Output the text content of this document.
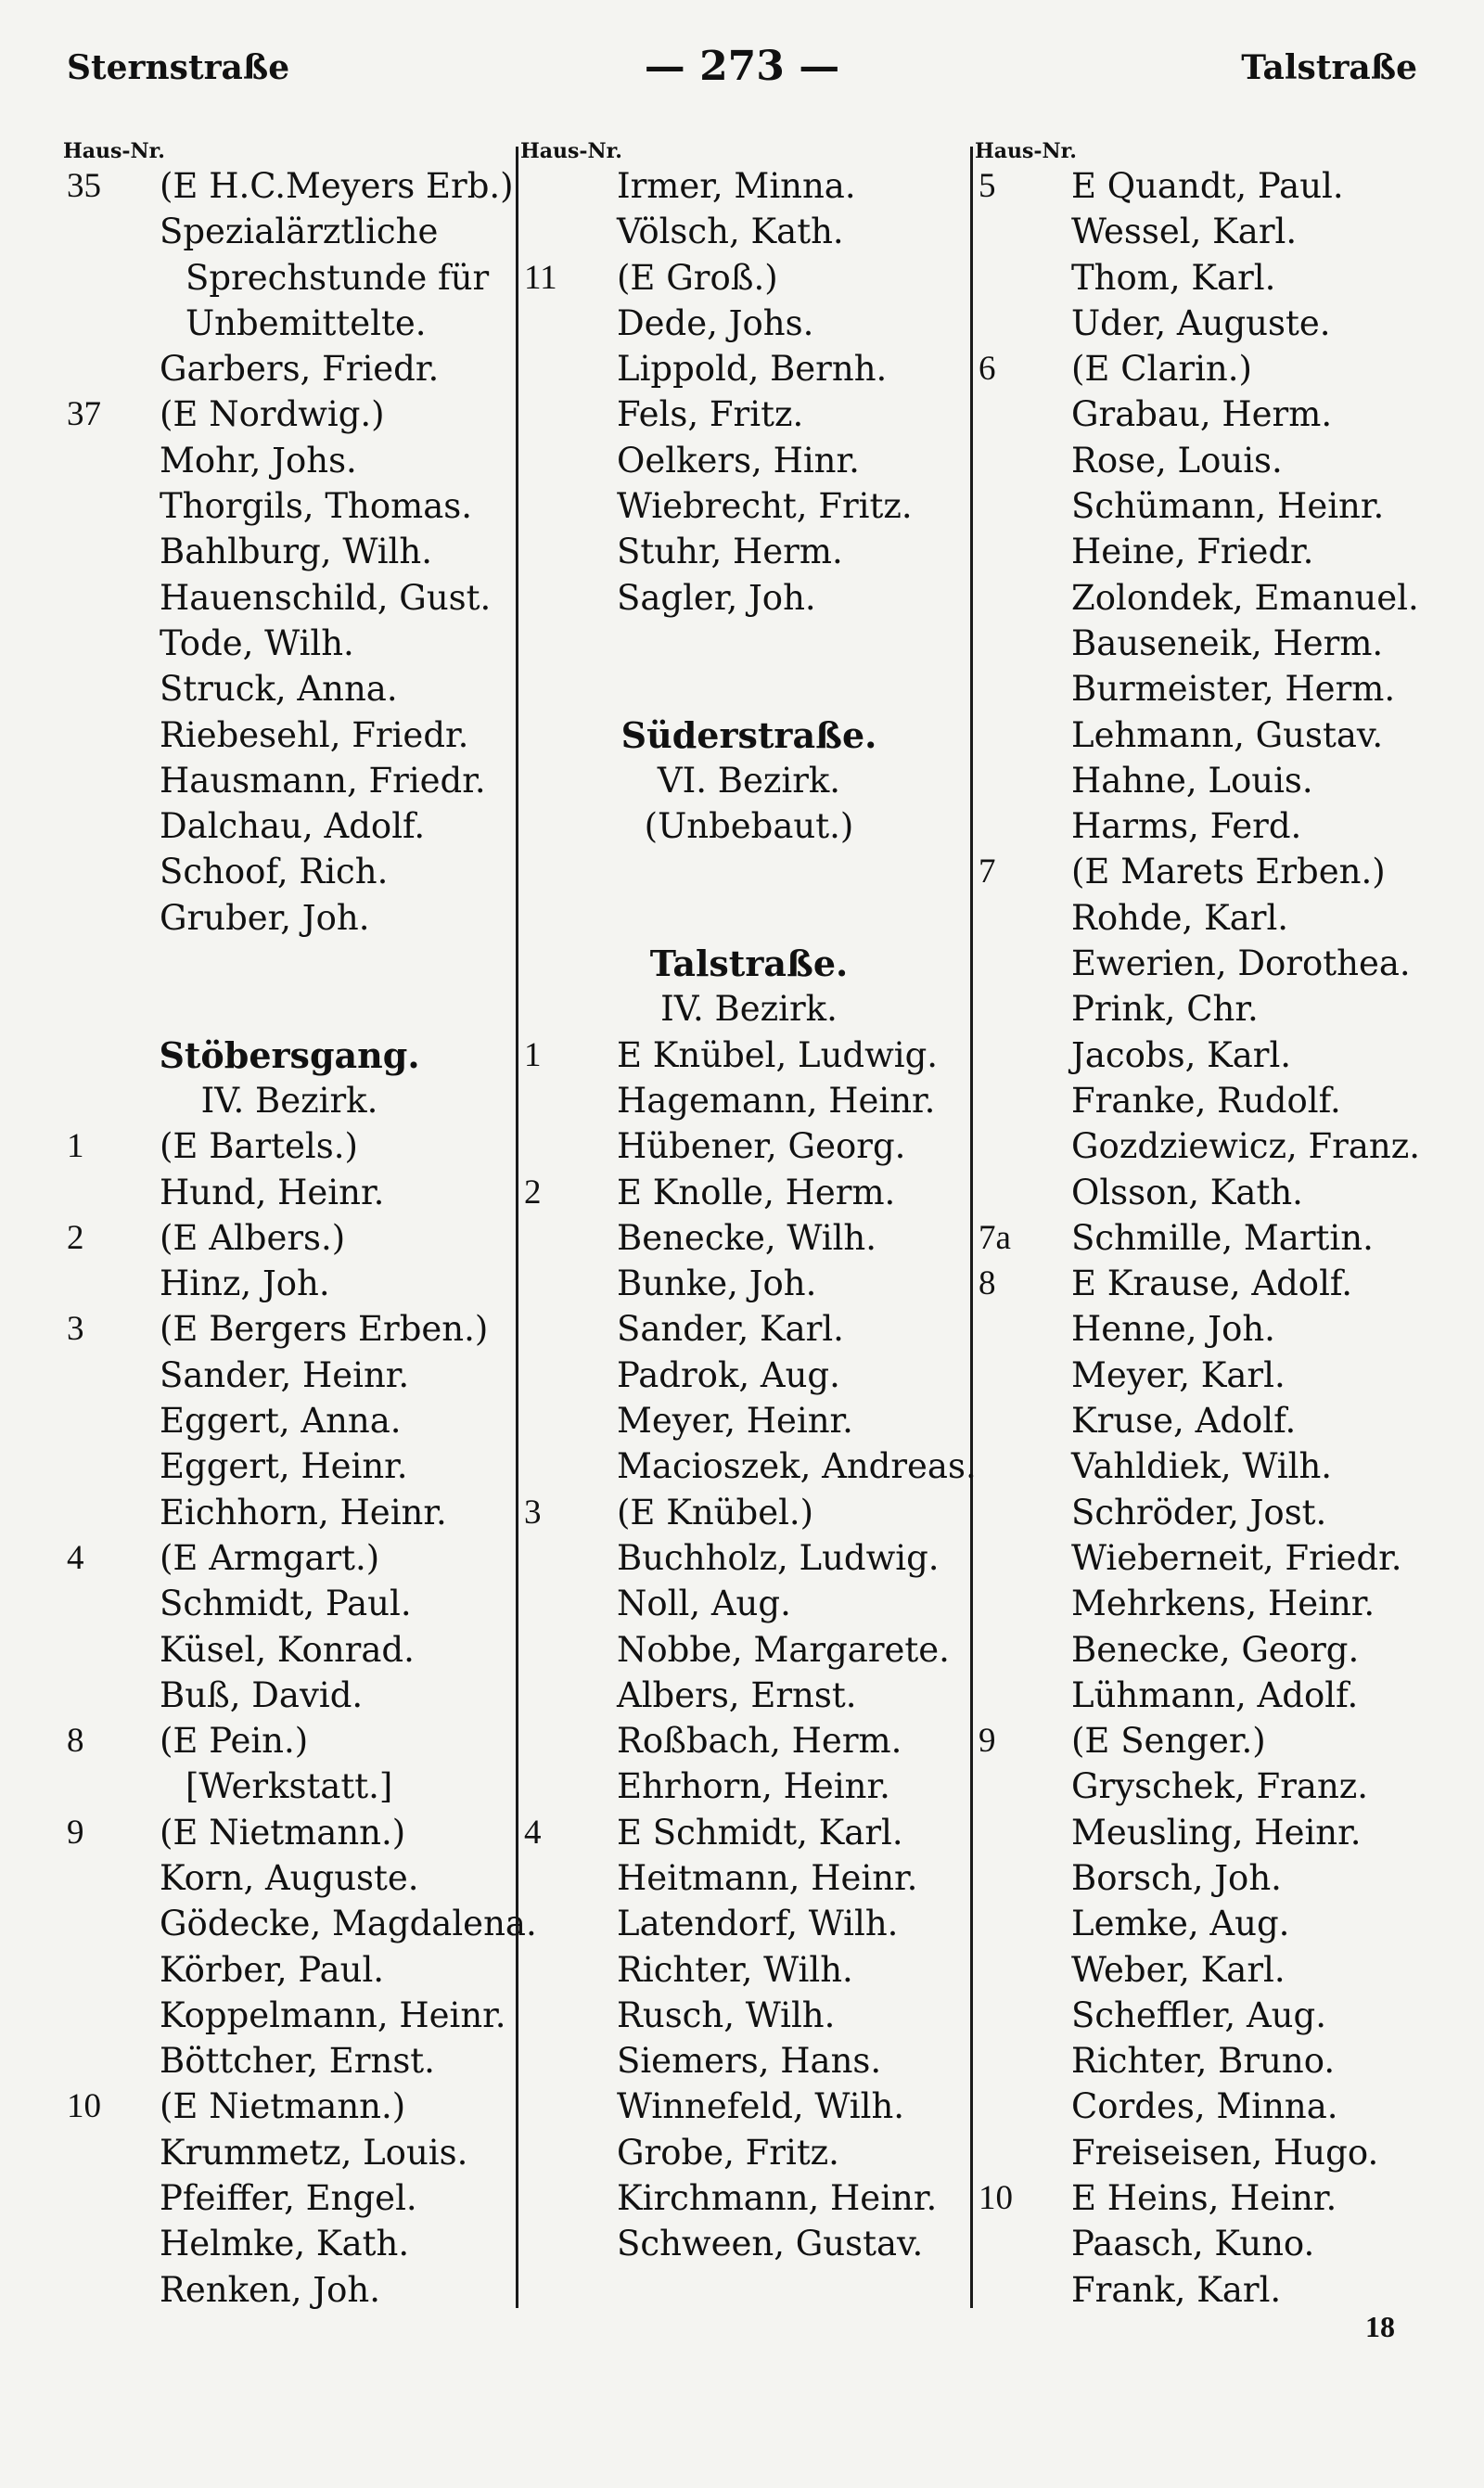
Sternstraße	— 273 —	Talstraße
Haus-Nr.
35	(E H.C.Meyers Erb.)
Spezialärztliche
Sprechstunde für
Unbemittelte.
Garbers, Friedr.
37	(E Nordwig.)
Mohr, Johs.
Thorgils, Thomas.
Bahlburg, Wilh.
Hauenschild, Gust.
Tode, Wilh.
Struck, Anna.
Riebesehl, Friedr.
Hausmann, Friedr.
Dalchau, Adolf.
Schoof, Rich.
Gruber, Joh.
Stöbersgang.
IV. Bezirk.
1	(E Bartels.)
Hund, Heinr.
2	(E Albers.)
Hinz, Joh.
3	(E Bergers Erben.)
Sander, Heinr.
Eggert, Anna.
Eggert, Heinr.
Eichhorn, Heinr.
4	(E Armgart.)
Schmidt, Paul.
Küsel, Konrad.
Buß, David.
8	(E Pein.)
[Werkstatt.]
9	(E Nietmann.)
Korn, Auguste.
Gödecke, Magdalena.
Körber, Paul.
Koppelmann, Heinr.
Böttcher, Ernst.
10	(E Nietmann.)
Krummetz, Louis.
Pfeiffer, Engel.
Helmke, Kath.
Renken, Joh.
Haus-Nr.
Irmer, Minna.
Völsch, Kath.
11	(E Groß.)
Dede, Johs.
Lippold, Bernh.
Fels, Fritz.
Oelkers, Hinr.
Wiebrecht, Fritz.
Stuhr, Herm.
Sagler, Joh.
Süderstraße.
VI. Bezirk.
(Unbebaut.)
Talstraße.
IV. Bezirk.
1	E Knübel, Ludwig.
Hagemann, Heinr.
Hübener, Georg.
2	E Knolle, Herm.
Benecke, Wilh.
Bunke, Joh.
Sander, Karl.
Padrok, Aug.
Meyer, Heinr.
Macioszek, Andreas.
3	(E Knübel.)
Buchholz, Ludwig.
Noll, Aug.
Nobbe, Margarete.
Albers, Ernst.
Roßbach, Herm.
Ehrhorn, Heinr.
4	E Schmidt, Karl.
Heitmann, Heinr.
Latendorf, Wilh.
Richter, Wilh.
Rusch, Wilh.
Siemers, Hans.
Winnefeld, Wilh.
Grobe, Fritz.
Kirchmann, Heinr.
Schween, Gustav.
Haus-Nr.
5	E Quandt, Paul.
Wessel, Karl.
Thom, Karl.
Uder, Auguste.
6	(E Clarin.)
Grabau, Herm.
Rose, Louis.
Schümann, Heinr.
Heine, Friedr.
Zolondek, Emanuel.
Bauseneik, Herm.
Burmeister, Herm.
Lehmann, Gustav.
Hahne, Louis.
Harms, Ferd.
7	(E Marets Erben.)
Rohde, Karl.
Ewerien, Dorothea.
Prink, Chr.
Jacobs, Karl.
Franke, Rudolf.
Gozdziewicz, Franz.
Olsson, Kath.
7a	Schmille, Martin.
8	E Krause, Adolf.
Henne, Joh.
Meyer, Karl.
Kruse, Adolf.
Vahldiek, Wilh.
Schröder, Jost.
Wieberneit, Friedr.
Mehrkens, Heinr.
Benecke, Georg.
Lühmann, Adolf.
9	(E Senger.)
Gryschek, Franz.
Meusling, Heinr.
Borsch, Joh.
Lemke, Aug.
Weber, Karl.
Scheffler, Aug.
Richter, Bruno.
Cordes, Minna.
Freiseisen, Hugo.
10	E Heins, Heinr.
Paasch, Kuno.
Frank, Karl.
18
